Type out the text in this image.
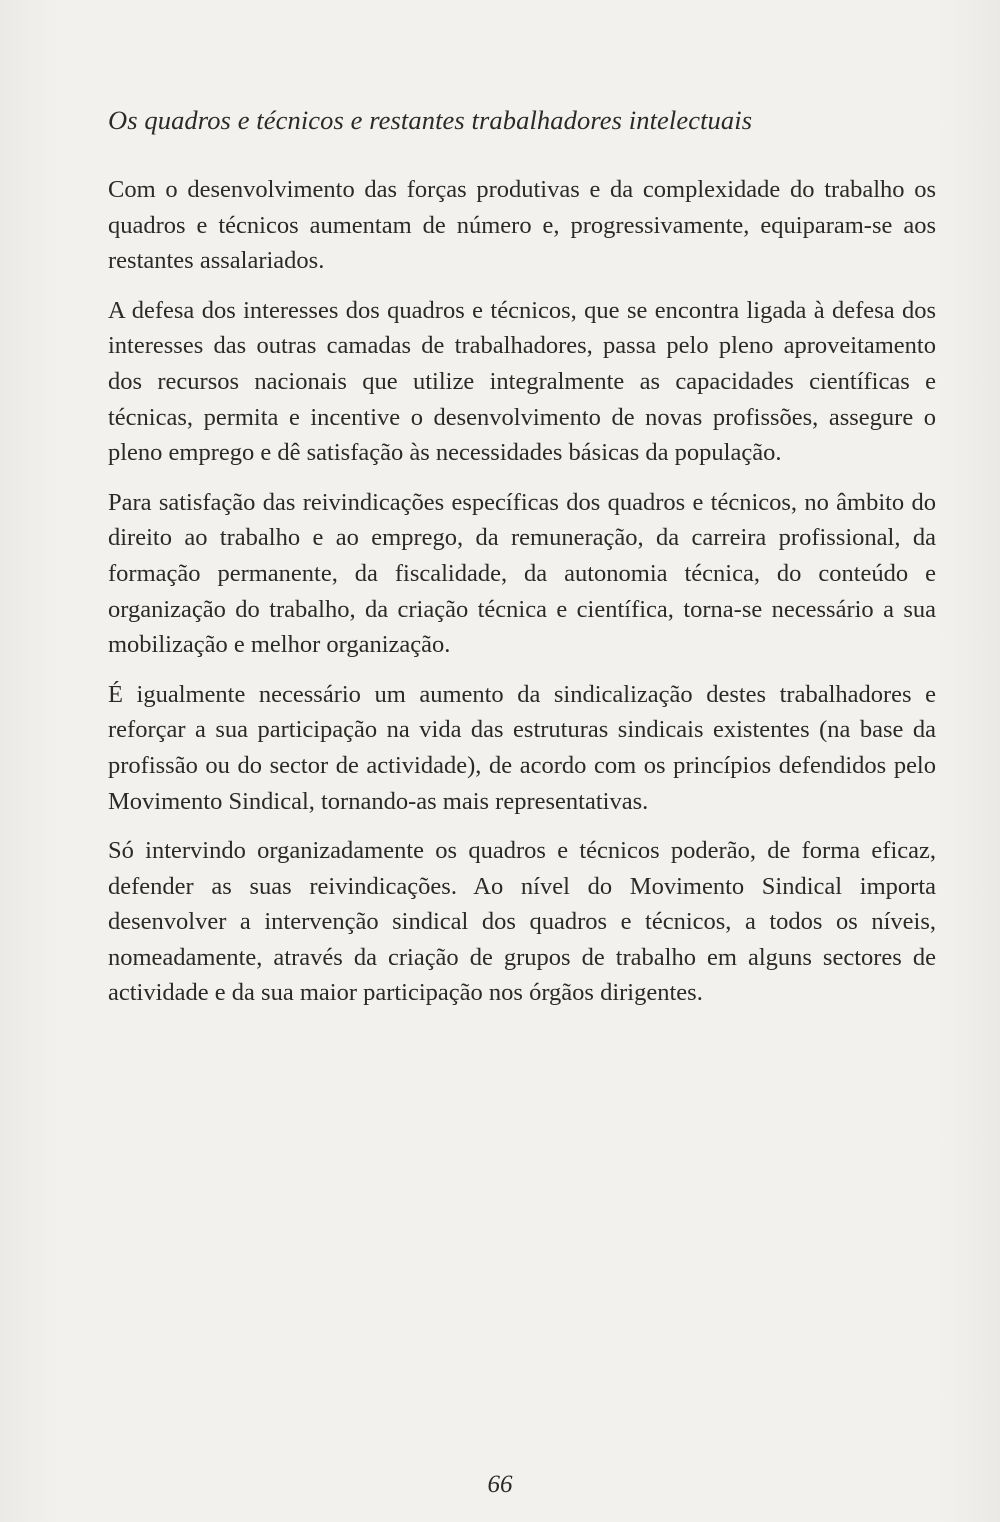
Os quadros e técnicos e restantes trabalhadores intelectuais

Com o desenvolvimento das forças produtivas e da complexidade do trabalho os quadros e técnicos aumentam de número e, progressivamente, equiparam-se aos restantes assalariados.

A defesa dos interesses dos quadros e técnicos, que se encontra ligada à defesa dos interesses das outras camadas de trabalhadores, passa pelo pleno aproveitamento dos recursos nacionais que utilize integralmente as capacidades científicas e técnicas, permita e incentive o desenvolvimento de novas profissões, assegure o pleno emprego e dê satisfação às necessidades básicas da população.

Para satisfação das reivindicações específicas dos quadros e técnicos, no âmbito do direito ao trabalho e ao emprego, da remuneração, da carreira profissional, da formação permanente, da fiscalidade, da autonomia técnica, do conteúdo e organização do trabalho, da criação técnica e científica, torna-se necessário a sua mobilização e melhor organização.

É igualmente necessário um aumento da sindicalização destes trabalhadores e reforçar a sua participação na vida das estruturas sindicais existentes (na base da profissão ou do sector de actividade), de acordo com os princípios defendidos pelo Movimento Sindical, tornando-as mais representativas.

Só intervindo organizadamente os quadros e técnicos poderão, de forma eficaz, defender as suas reivindicações. Ao nível do Movimento Sindical importa desenvolver a intervenção sindical dos quadros e técnicos, a todos os níveis, nomeadamente, através da criação de grupos de trabalho em alguns sectores de actividade e da sua maior participação nos órgãos dirigentes.

66
